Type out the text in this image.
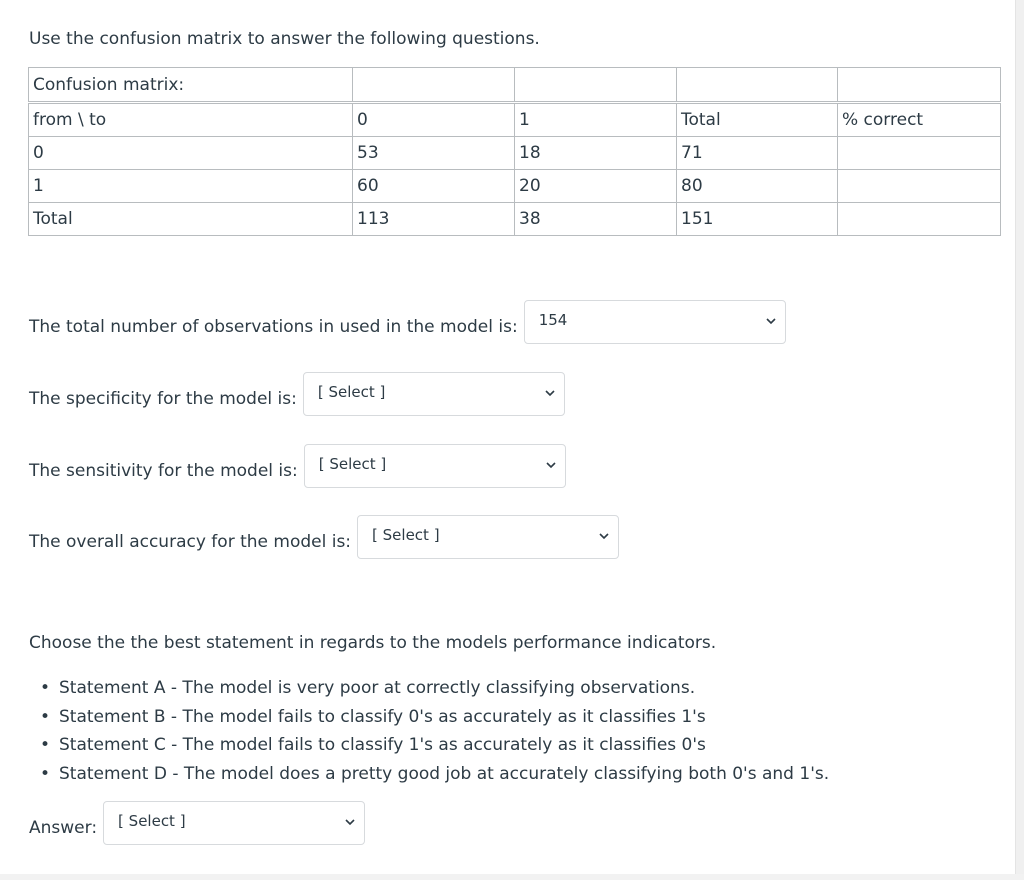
Use the confusion matrix to answer the following questions.
Confusion matrix:				
from \ to	0	1	Total	% correct
0	53	18	71	
1	60	20	80	
Total	113	38	151	
The total number of observations in used in the model is: 154
The specificity for the model is: [ Select ]
The sensitivity for the model is: [ Select ]
The overall accuracy for the model is: [ Select ]
Choose the the best statement in regards to the models performance indicators.
• Statement A - The model is very poor at correctly classifying observations.
• Statement B - The model fails to classify 0's as accurately as it classifies 1's
• Statement C - The model fails to classify 1's as accurately as it classifies 0's
• Statement D - The model does a pretty good job at accurately classifying both 0's and 1's.
Answer: [ Select ]
